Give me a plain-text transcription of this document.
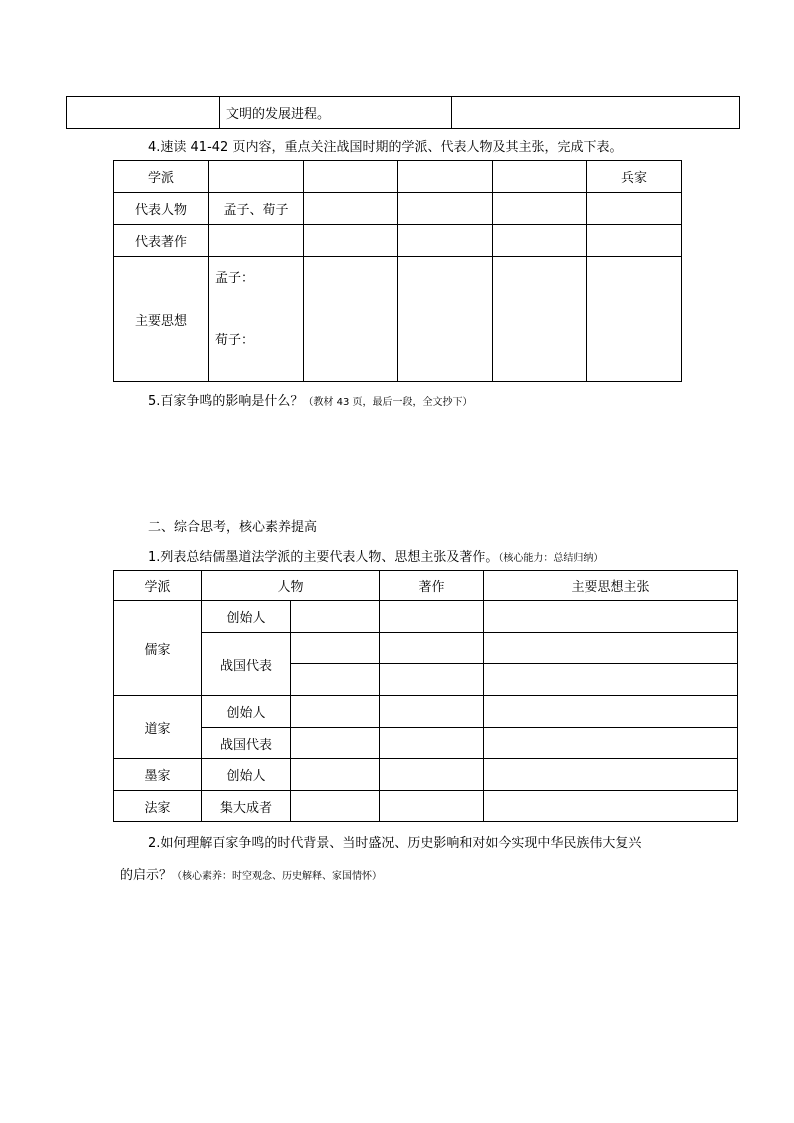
	文明的发展进程。	
4.速读 41-42 页内容，重点关注战国时期的学派、代表人物及其主张，完成下表。
学派					兵家
代表人物	孟子、荀子				
代表著作					
主要思想	孟子：
荀子：				

5.百家争鸣的影响是什么？（教材 43 页，最后一段，全文抄下）
二、综合思考，核心素养提高
1.列表总结儒墨道法学派的主要代表人物、思想主张及著作。（核心能力：总结归纳）
学派	人物		著作	主要思想主张
儒家	创始人			
	战国代表			

道家	创始人			
	战国代表			
墨家	创始人			
法家	集大成者			
2.如何理解百家争鸣的时代背景、当时盛况、历史影响和对如今实现中华民族伟大复兴
的启示？（核心素养：时空观念、历史解释、家国情怀）
